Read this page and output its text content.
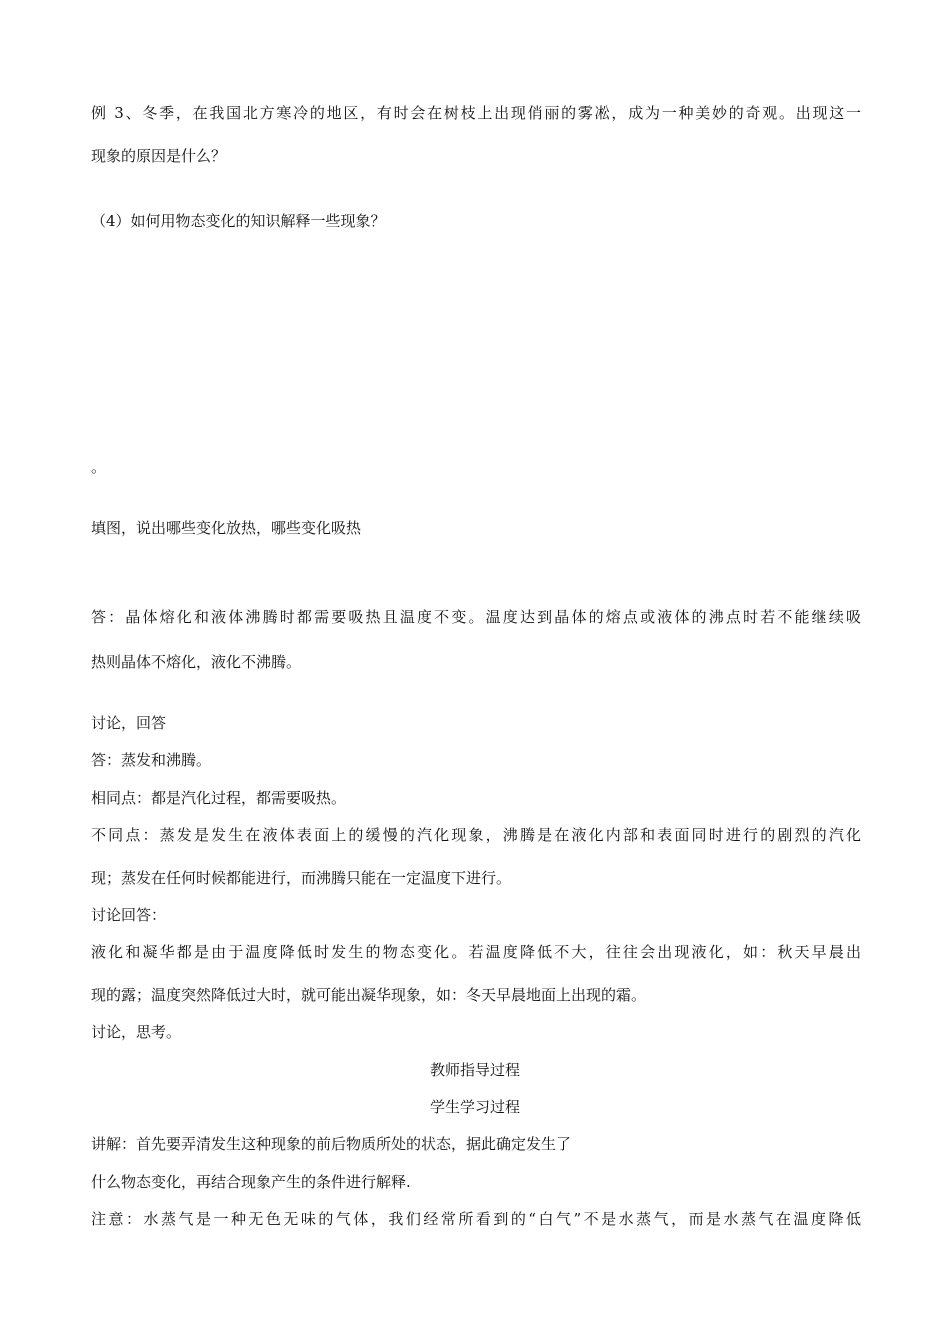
例 3、冬季，在我国北方寒冷的地区，有时会在树枝上出现俏丽的雾凇，成为一种美妙的奇观。出现这一
现象的原因是什么？
（4）如何用物态变化的知识解释一些现象？
。
填图，说出哪些变化放热，哪些变化吸热
答：晶体熔化和液体沸腾时都需要吸热且温度不变。温度达到晶体的熔点或液体的沸点时若不能继续吸
热则晶体不熔化，液化不沸腾。
讨论，回答
答：蒸发和沸腾。
相同点：都是汽化过程，都需要吸热。
不同点：蒸发是发生在液体表面上的缓慢的汽化现象，沸腾是在液化内部和表面同时进行的剧烈的汽化
现；蒸发在任何时候都能进行，而沸腾只能在一定温度下进行。
讨论回答：
液化和凝华都是由于温度降低时发生的物态变化。若温度降低不大，往往会出现液化，如：秋天早晨出
现的露；温度突然降低过大时，就可能出凝华现象，如：冬天早晨地面上出现的霜。
讨论，思考。
教师指导过程
学生学习过程
讲解：首先要弄清发生这种现象的前后物质所处的状态，据此确定发生了
什么物态变化，再结合现象产生的条件进行解释.
注意：水蒸气是一种无色无味的气体，我们经常所看到的“白气”不是水蒸气，而是水蒸气在温度降低
